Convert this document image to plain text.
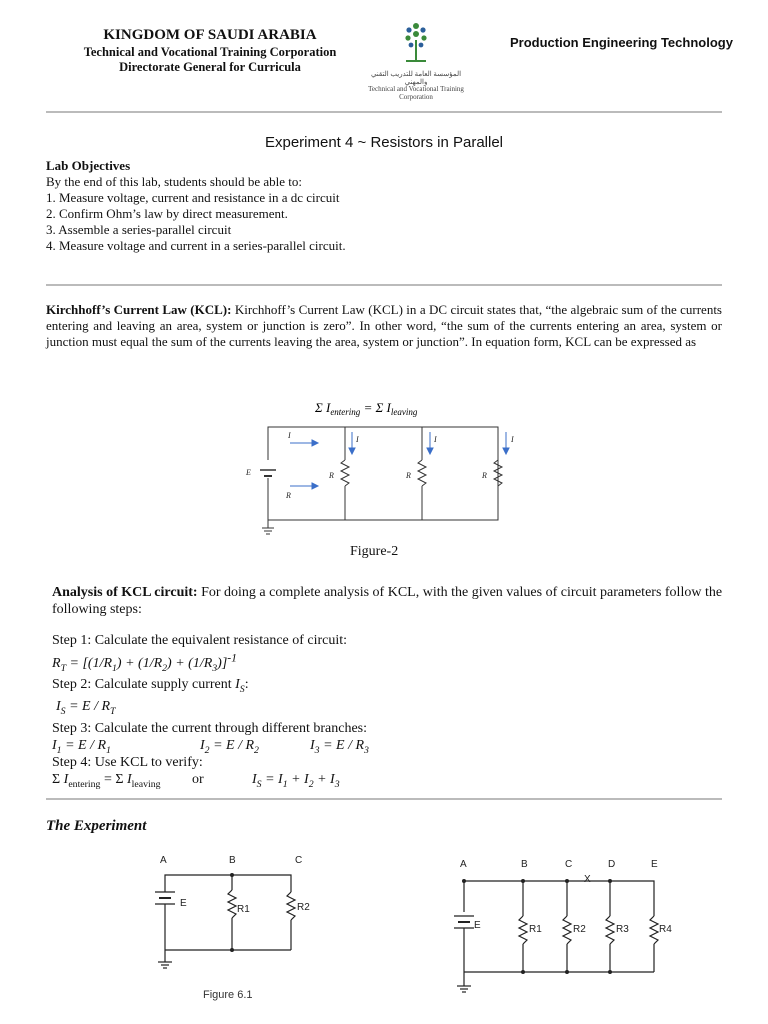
KINGDOM OF SAUDI ARABIA
Technical and Vocational Training Corporation
Directorate General for Curricula	المؤسسة العامة للتدريب التقني والمهني
Technical and Vocational Training Corporation
Production Engineering Technology
Experiment 4 ~ Resistors in Parallel
Lab Objectives
By the end of this lab, students should be able to:
1. Measure voltage, current and resistance in a dc circuit
2. Confirm Ohm’s law by direct measurement.
3. Assemble a series-parallel circuit
4. Measure voltage and current in a series-parallel circuit.
Kirchhoff’s Current Law (KCL): Kirchhoff’s Current Law (KCL) in a DC circuit states that, “the algebraic sum of the currents entering and leaving an area, system or junction is zero”. In other word, “the sum of the currents entering an area, system or junction must equal the sum of the currents leaving the area, system or junction”. In equation form, KCL can be expressed as
Σ $I_{entering} = \Sigma$ $I_{leaving}$
E
I
R
I	I	I
R	R	R
Figure-2
Analysis of KCL circuit: For doing a complete analysis of KCL, with the given values of circuit parameters follow the following steps:
Step 1: Calculate the equivalent resistance of circuit:
$R_T = [(1/R_1) + (1/R_2) + (1/R_3)]^{-1}$
Step 2: Calculate supply current $I_S$:
$I_S = E / R_T$
Step 3: Calculate the current through different branches:
$I_1 = E / R_1$	$I_2 = E / R_2$	$I_3 = E / R_3$
Step 4: Use KCL to verify:
Σ $I_{entering} = \Sigma$ $I_{leaving}$ or	$I_S = I_1 + I_2 + I_3$
The Experiment
A	B	C
E
R1	R2
Figure 6.1
A	B	C	D	E
X
E	R1	R2	R3	R4
